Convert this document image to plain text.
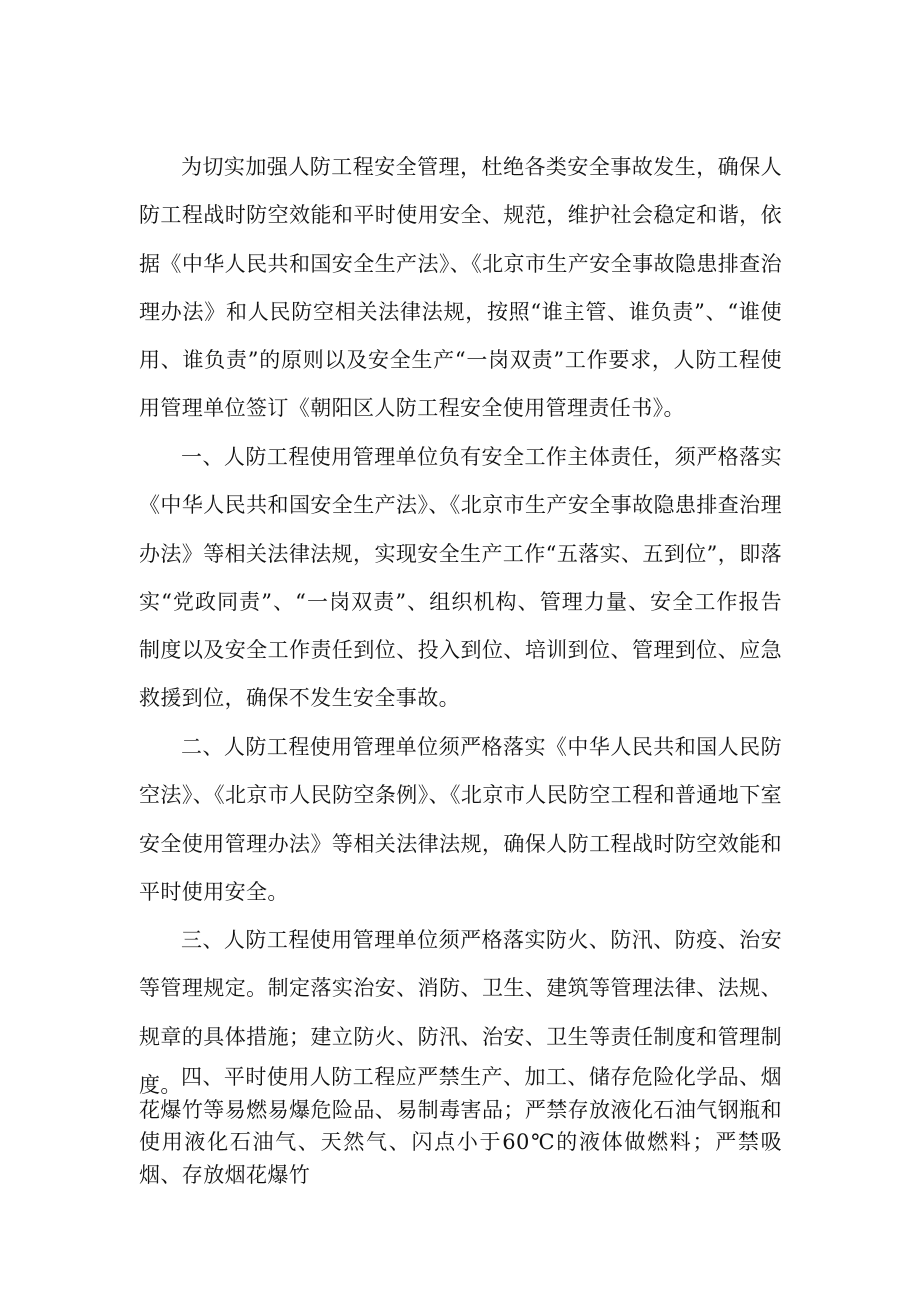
为切实加强人防工程安全管理，杜绝各类安全事故发生，确保人防工程战时防空效能和平时使用安全、规范，维护社会稳定和谐，依据《中华人民共和国安全生产法》、《北京市生产安全事故隐患排查治理办法》和人民防空相关法律法规，按照“谁主管、谁负责”、“谁使用、谁负责”的原则以及安全生产“一岗双责”工作要求，人防工程使用管理单位签订《朝阳区人防工程安全使用管理责任书》。

一、人防工程使用管理单位负有安全工作主体责任，须严格落实《中华人民共和国安全生产法》、《北京市生产安全事故隐患排查治理办法》等相关法律法规，实现安全生产工作“五落实、五到位”，即落实“党政同责”、“一岗双责”、组织机构、管理力量、安全工作报告制度以及安全工作责任到位、投入到位、培训到位、管理到位、应急救援到位，确保不发生安全事故。

二、人防工程使用管理单位须严格落实《中华人民共和国人民防空法》、《北京市人民防空条例》、《北京市人民防空工程和普通地下室安全使用管理办法》等相关法律法规，确保人防工程战时防空效能和平时使用安全。

三、人防工程使用管理单位须严格落实防火、防汛、防疫、治安等管理规定。制定落实治安、消防、卫生、建筑等管理法律、法规、规章的具体措施；建立防火、防汛、治安、卫生等责任制度和管理制度。 四、平时使用人防工程应严禁生产、加工、储存危险化学品、烟花爆竹等易燃易爆危险品、易制毒害品；严禁存放液化石油气钢瓶和使用液化石油气、天然气、闪点小于60℃的液体做燃料；严禁吸烟、存放烟花爆竹
